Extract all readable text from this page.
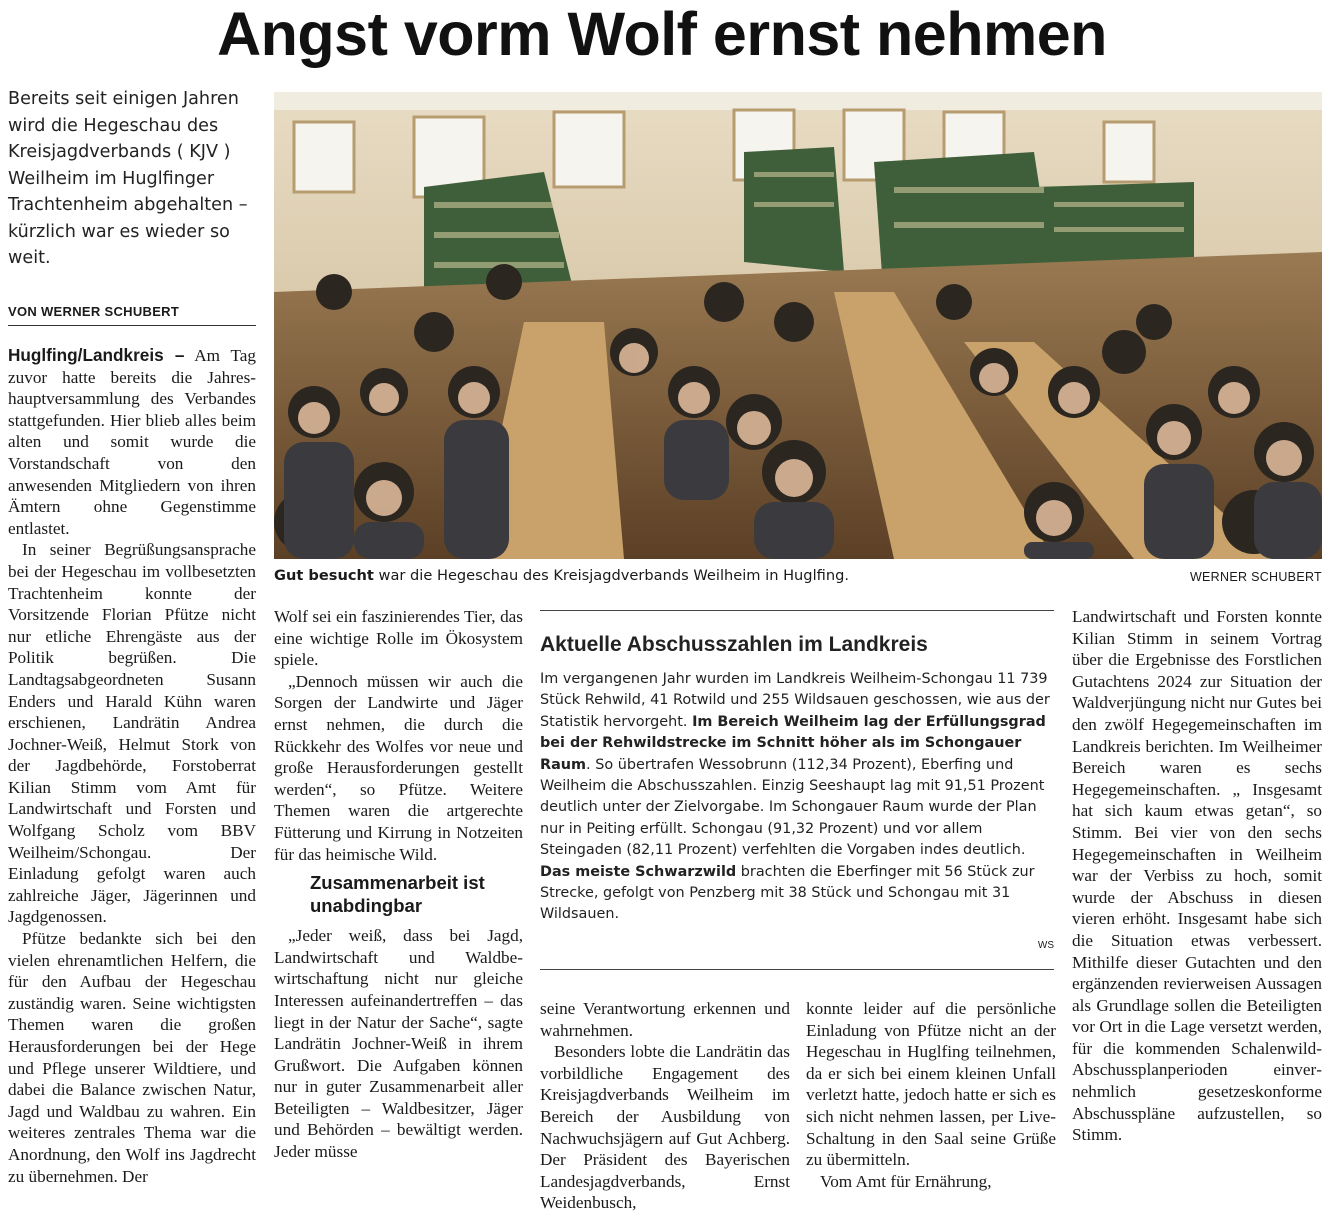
Angst vorm Wolf ernst nehmen
Bereits seit einigen Jahren wird die Hegeschau des Kreisjagdverbands ( KJV ) Weilheim im Huglfinger Trachtenheim abgehalten – kürzlich war es wieder so weit.
VON WERNER SCHUBERT
Gut besucht war die Hegeschau des Kreisjagdverbands Weilheim in Huglfing.	WERNER SCHUBERT

Huglfing/Landkreis – Am Tag zuvor hatte bereits die Jahreshauptversammlung des Verbandes stattgefunden. Hier blieb alles beim alten und somit wurde die Vorstandschaft von den anwesenden Mitgliedern von ihren Ämtern ohne Gegenstimme entlastet.

In seiner Begrüßungsansprache bei der Hegeschau im vollbesetzten Trachtenheim konnte der Vorsitzende Florian Pfütze nicht nur etliche Ehrengäste aus der Politik begrüßen. Die Landtagsabgeordneten Susann Enders und Harald Kühn waren erschienen, Landrätin Andrea Jochner-Weiß, Helmut Stork von der Jagdbehörde, Forstoberrat Kilian Stimm vom Amt für Landwirtschaft und Forsten und Wolfgang Scholz vom BBV Weilheim/Schongau. Der Einladung gefolgt waren auch zahlreiche Jäger, Jägerinnen und Jagdgenossen.

Pfütze bedankte sich bei den vielen ehrenamtlichen Helfern, die für den Aufbau der Hegeschau zuständig waren. Seine wichtigsten Themen waren die großen Herausforderungen bei der Hege und Pflege unserer Wildtiere, und dabei die Balance zwischen Natur, Jagd und Waldbau zu wahren. Ein weiteres zentrales Thema war die Anordnung, den Wolf ins Jagdrecht zu übernehmen. Der

Wolf sei ein faszinierendes Tier, das eine wichtige Rolle im Ökosystem spiele.

„Dennoch müssen wir auch die Sorgen der Landwirte und Jäger ernst nehmen, die durch die Rückkehr des Wolfes vor neue und große Herausforderungen gestellt werden“, so Pfütze. Weitere Themen waren die artgerechte Fütterung und Kirrung in Notzeiten für das heimische Wild.

Zusammenarbeit ist unabdingbar

„Jeder weiß, dass bei Jagd, Landwirtschaft und Waldbewirtschaftung nicht nur gleiche Interessen aufeinandertreffen – das liegt in der Natur der Sache“, sagte Landrätin Jochner-Weiß in ihrem Grußwort. Die Aufgaben können nur in guter Zusammenarbeit aller Beteiligten – Waldbesitzer, Jäger und Behörden – bewältigt werden. Jeder müsse

Aktuelle Abschusszahlen im Landkreis
Im vergangenen Jahr wurden im Landkreis Weilheim-Schongau 11 739 Stück Rehwild, 41 Rotwild und 255 Wildsauen geschossen, wie aus der Statistik hervorgeht. Im Bereich Weilheim lag der Erfüllungsgrad bei der Rehwildstrecke im Schnitt höher als im Schongauer Raum. So übertrafen Wessobrunn (112,34 Prozent), Eberfing und Weilheim die Abschusszahlen. Einzig Seeshaupt lag mit 91,51 Prozent deutlich unter der Zielvorgabe. Im Schongauer Raum wurde der Plan nur in Peiting erfüllt. Schongau (91,32 Prozent) und vor allem Steingaden (82,11 Prozent) verfehlten die Vorgaben indes deutlich.
Das meiste Schwarzwild brachten die Eberfinger mit 56 Stück zur Strecke, gefolgt von Penzberg mit 38 Stück und Schongau mit 31 Wildsauen.
WS

seine Verantwortung erkennen und wahrnehmen.

Besonders lobte die Landrätin das vorbildliche Engagement des Kreisjagdverbands Weilheim im Bereich der Ausbildung von Nachwuchsjägern auf Gut Achberg. Der Präsident des Bayerischen Landesjagdverbands, Ernst Weidenbusch,

konnte leider auf die persönliche Einladung von Pfütze nicht an der Hegeschau in Huglfing teilnehmen, da er sich bei einem kleinen Unfall verletzt hatte, jedoch hatte er sich es sich nicht nehmen lassen, per Live-Schaltung in den Saal seine Grüße zu übermitteln.

Vom Amt für Ernährung,

Landwirtschaft und Forsten konnte Kilian Stimm in seinem Vortrag über die Ergebnisse des Forstlichen Gutachtens 2024 zur Situation der Waldverjüngung nicht nur Gutes bei den zwölf Hegegemeinschaften im Landkreis berichten. Im Weilheimer Bereich waren es sechs Hegegemeinschaften. „ Insgesamt hat sich kaum etwas getan“, so Stimm. Bei vier von den sechs Hegegemeinschaften in Weilheim war der Verbiss zu hoch, somit wurde der Abschuss in diesen vieren erhöht. Insgesamt habe sich die Situation etwas verbessert. Mithilfe dieser Gutachten und den ergänzenden revierweisen Aussagen als Grundlage sollen die Beteiligten vor Ort in die Lage versetzt werden, für die kommenden Schalenwild-Abschussplanperioden einvernehmlich gesetzeskonforme Abschusspläne aufzustellen, so Stimm.
